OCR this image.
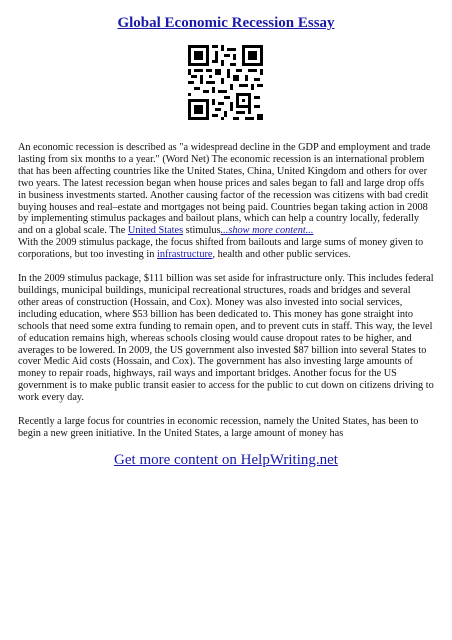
Global Economic Recession Essay

An economic recession is described as "a widespread decline in the GDP and employment and trade lasting from six months to a year." (Word Net) The economic recession is an international problem that has been affecting countries like the United States, China, United Kingdom and others for over two years. The latest recession began when house prices and sales began to fall and large drop offs in business investments started. Another causing factor of the recession was citizens with bad credit buying houses and real–estate and mortgages not being paid. Countries began taking action in 2008 by implementing stimulus packages and bailout plans, which can help a country locally, federally and on a global scale. The United States stimulus...show more content...
With the 2009 stimulus package, the focus shifted from bailouts and large sums of money given to corporations, but too investing in infrastructure, health and other public services.

In the 2009 stimulus package, $111 billion was set aside for infrastructure only. This includes federal buildings, municipal buildings, municipal recreational structures, roads and bridges and several other areas of construction (Hossain, and Cox). Money was also invested into social services, including education, where $53 billion has been dedicated to. This money has gone straight into schools that need some extra funding to remain open, and to prevent cuts in staff. This way, the level of education remains high, whereas schools closing would cause dropout rates to be higher, and averages to be lowered. In 2009, the US government also invested $87 billion into several States to cover Medic Aid costs (Hossain, and Cox). The government has also investing large amounts of money to repair roads, highways, rail ways and important bridges. Another focus for the US government is to make public transit easier to access for the public to cut down on citizens driving to work every day.

Recently a large focus for countries in economic recession, namely the United States, has been to begin a new green initiative. In the United States, a large amount of money has

Get more content on HelpWriting.net
